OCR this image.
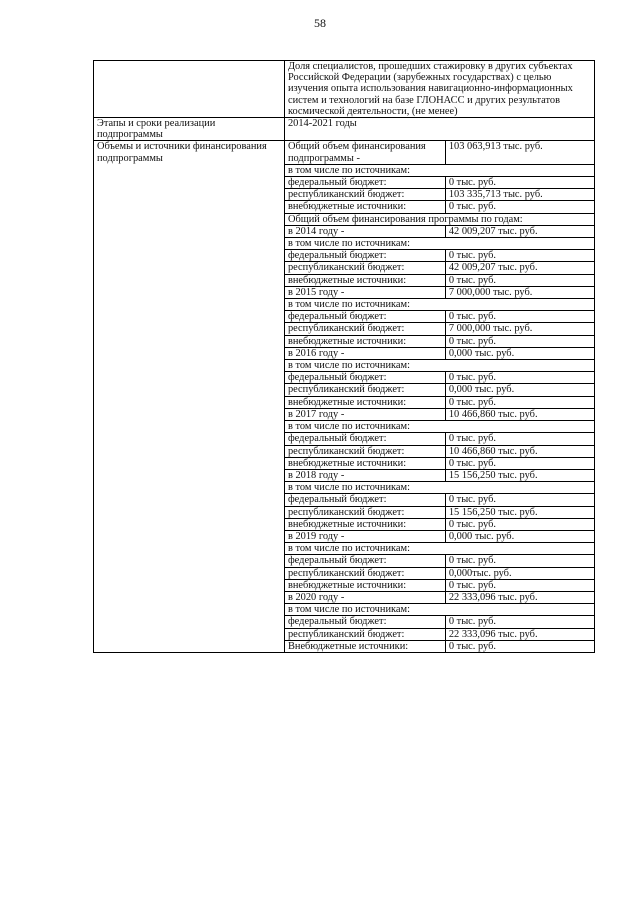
58
	Доля специалистов, прошедших стажировку в других субъектах Российской Федерации (зарубежных государствах) с целью изучения опыта использования навигационно-информационных систем и технологий на базе ГЛОНАСС и других результатов космической деятельности, (не менее)	
Этапы и сроки реализации подпрограммы	2014-2021 годы	
Объемы и источники финансирования подпрограммы	Общий объем финансирования подпрограммы -	103 063,913 тыс. руб.
	в том числе по источникам:	
	федеральный бюджет:	0 тыс. руб.
	республиканский бюджет:	103 335,713 тыс. руб.
	внебюджетные источники:	0 тыс. руб.
	Общий объем финансирования программы по годам:	
	в 2014 году -	42 009,207 тыс. руб.
	в том числе по источникам:	
	федеральный бюджет:	0 тыс. руб.
	республиканский бюджет:	42 009,207 тыс. руб.
	внебюджетные источники:	0 тыс. руб.
	в 2015 году -	7 000,000 тыс. руб.
	в том числе по источникам:	
	федеральный бюджет:	0 тыс. руб.
	республиканский бюджет:	7 000,000 тыс. руб.
	внебюджетные источники:	0 тыс. руб.
	в 2016 году -	0,000 тыс. руб.
	в том числе по источникам:	
	федеральный бюджет:	0 тыс. руб.
	республиканский бюджет:	0,000 тыс. руб.
	внебюджетные источники:	0 тыс. руб.
	в 2017 году -	10 466,860 тыс. руб.
	в том числе по источникам:	
	федеральный бюджет:	0 тыс. руб.
	республиканский бюджет:	10 466,860 тыс. руб.
	внебюджетные источники:	0 тыс. руб.
	в 2018 году -	15 156,250 тыс. руб.
	в том числе по источникам:	
	федеральный бюджет:	0 тыс. руб.
	республиканский бюджет:	15 156,250 тыс. руб.
	внебюджетные источники:	0 тыс. руб.
	в 2019 году -	0,000 тыс. руб.
	в том числе по источникам:	
	федеральный бюджет:	0 тыс. руб.
	республиканский бюджет:	0,000тыс. руб.
	внебюджетные источники:	0 тыс. руб.
	в 2020 году -	22 333,096 тыс. руб.
	в том числе по источникам:	
	федеральный бюджет:	0 тыс. руб.
	республиканский бюджет:	22 333,096 тыс. руб.
	Внебюджетные источники:	0 тыс. руб.
